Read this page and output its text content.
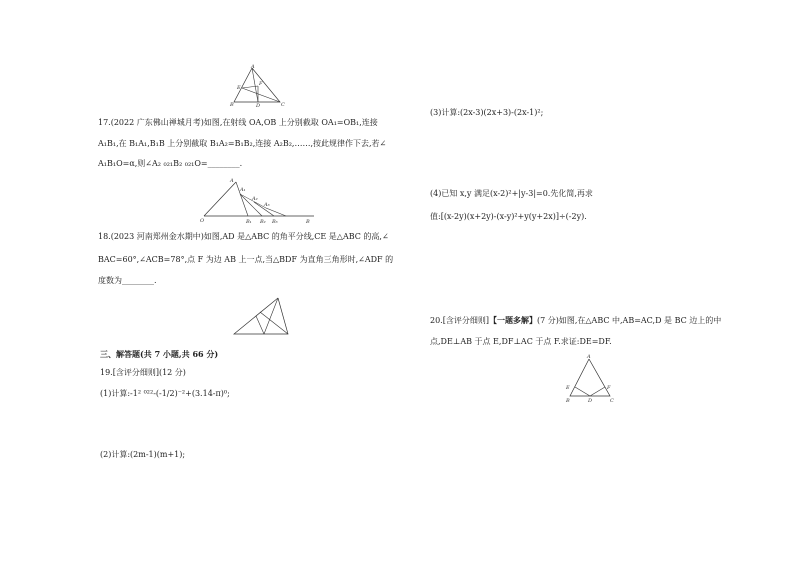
A
B	D	C
E
F
17.(2022 广东佛山禅城月考)如图,在射线 OA,OB 上分别截取 OA₁=OB₁,连接
A₁B₁,在 B₁A₁,B₁B 上分别截取 B₁A₂=B₁B₂,连接 A₂B₂,……,按此规律作下去,若∠
A₁B₁O=α,则∠A₂ ₀₂₁B₂ ₀₂₁O=________.
A
A₁
A₂
A₃
O	B₁ B₂ B₃	B
18.(2023 河南郑州金水期中)如图,AD 是△ABC 的角平分线,CE 是△ABC 的高,∠
BAC=60°,∠ACB=78°,点 F 为边 AB 上一点,当△BDF 为直角三角形时,∠ADF 的
度数为________.
三、解答题(共 7 小题,共 66 分)
19.[含评分细则](12 分)
(1)计算:-1² ⁰²²-(-1/2)⁻²+(3.14-π)⁰;
(2)计算:(2m-1)(m+1);
(3)计算:(2x-3)(2x+3)-(2x-1)²;
(4)已知 x,y 满足(x-2)²+|y-3|=0.先化简,再求
值:[(x-2y)(x+2y)-(x-y)²+y(y+2x)]÷(-2y).
20.[含评分细则]【一题多解】(7 分)如图,在△ABC 中,AB=AC,D 是 BC 边上的中
点,DE⊥AB 于点 E,DF⊥AC 于点 F.求证:DE=DF.
A
E	F
B	D	C
